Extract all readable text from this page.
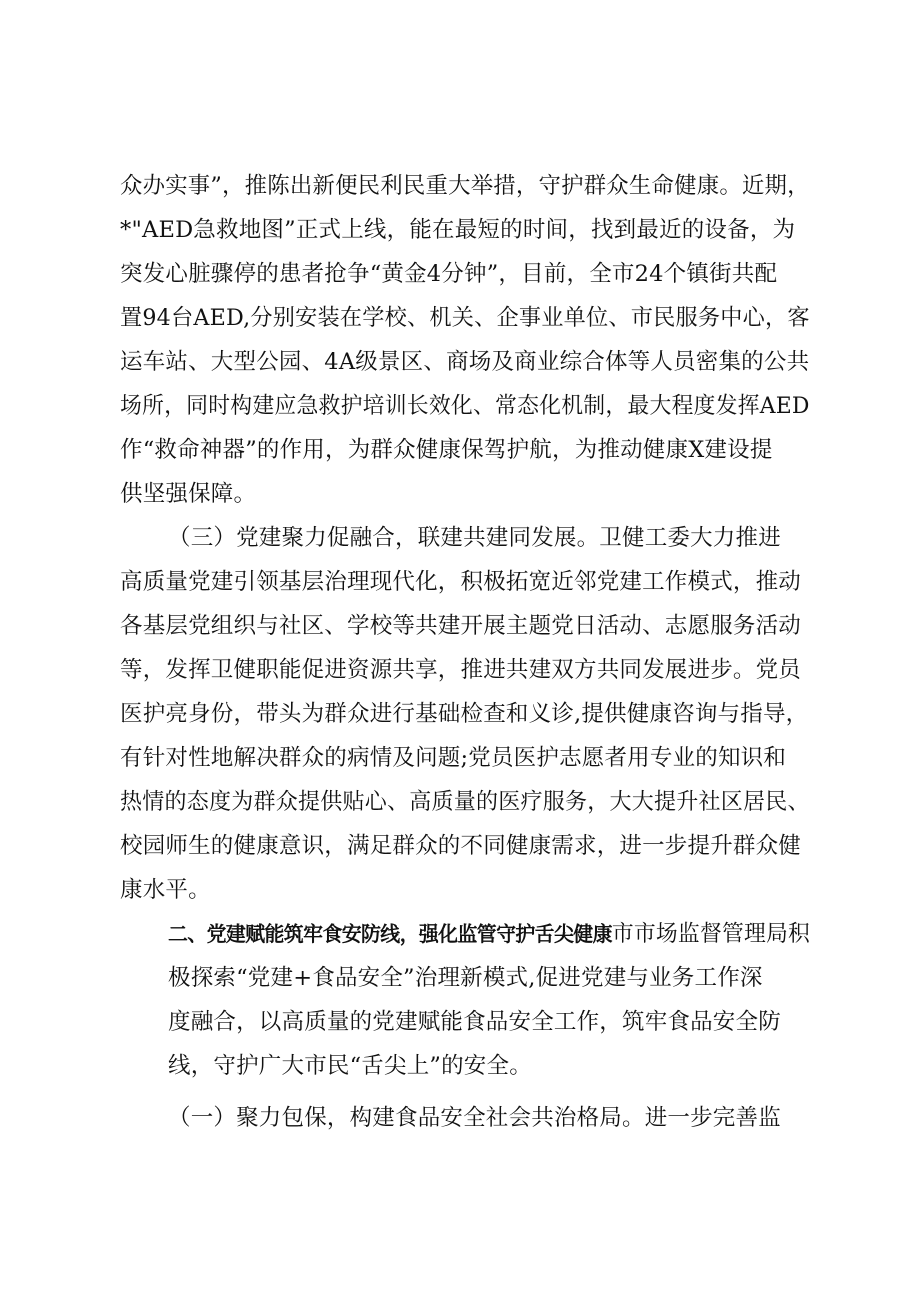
众办实事”，推陈出新便民利民重大举措，守护群众生命健康。近期，
*"AED急救地图”正式上线，能在最短的时间，找到最近的设备，为
突发心脏骤停的患者抢争“黄金4分钟”，目前，全市24个镇街共配
置94台AED,分别安装在学校、机关、企事业单位、市民服务中心，客
运车站、大型公园、4A级景区、商场及商业综合体等人员密集的公共
场所，同时构建应急救护培训长效化、常态化机制，最大程度发挥AED
作“救命神器”的作用，为群众健康保驾护航，为推动健康X建设提
供坚强保障。
（三）党建聚力促融合，联建共建同发展。卫健工委大力推进
高质量党建引领基层治理现代化，积极拓宽近邻党建工作模式，推动
各基层党组织与社区、学校等共建开展主题党日活动、志愿服务活动
等，发挥卫健职能促进资源共享，推进共建双方共同发展进步。党员
医护亮身份，带头为群众进行基础检查和义诊,提供健康咨询与指导，
有针对性地解决群众的病情及问题;党员医护志愿者用专业的知识和
热情的态度为群众提供贴心、高质量的医疗服务，大大提升社区居民、
校园师生的健康意识，满足群众的不同健康需求，进一步提升群众健
康水平。
二、党建赋能筑牢食安防线，强化监管守护舌尖健康市市场监督管理局积
极探索“党建+食品安全”治理新模式,促进党建与业务工作深
度融合，以高质量的党建赋能食品安全工作，筑牢食品安全防
线，守护广大市民“舌尖上”的安全。
（一）聚力包保，构建食品安全社会共治格局。进一步完善监
